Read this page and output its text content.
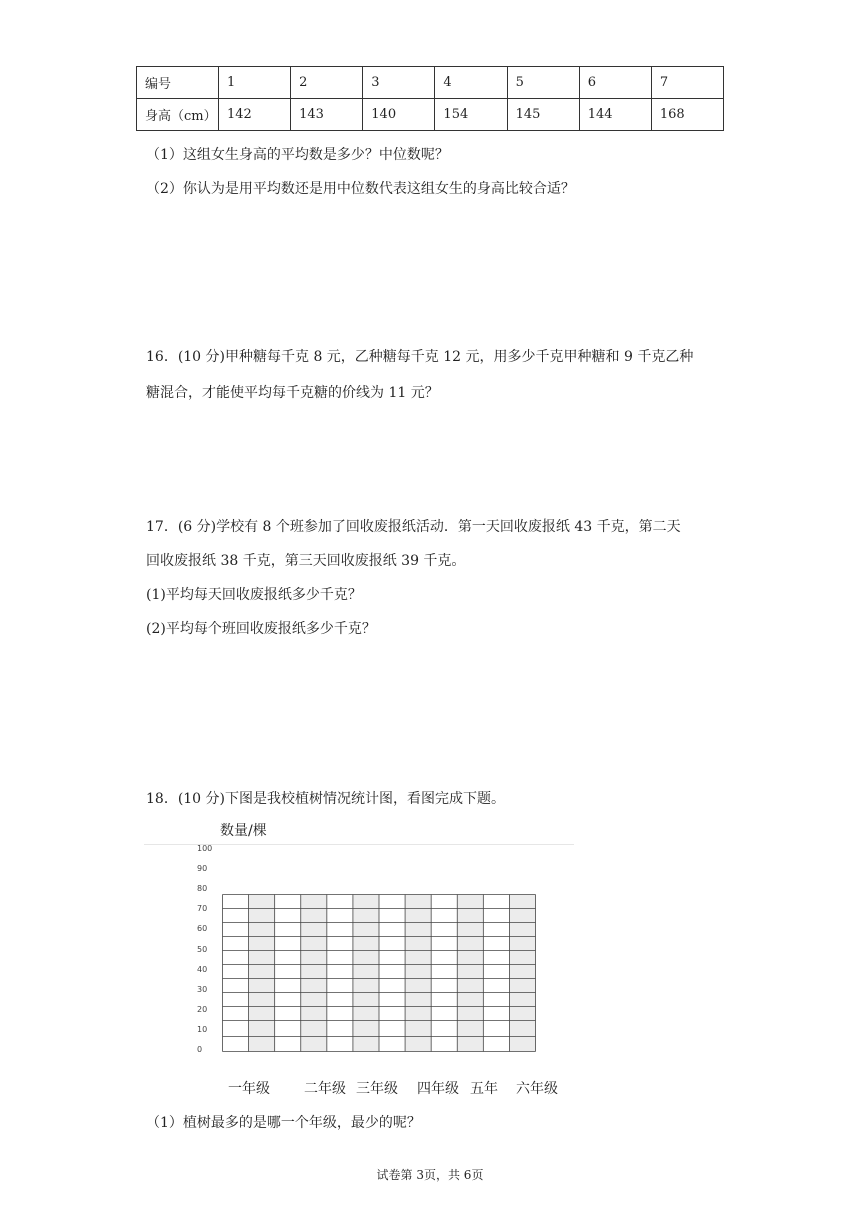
编号	1	2	3	4	5	6	7
身高（cm）	142	143	140	154	145	144	168
（1）这组女生身高的平均数是多少？中位数呢？
（2）你认为是用平均数还是用中位数代表这组女生的身高比较合适？
16．(10 分)甲种糖每千克 8 元，乙种糖每千克 12 元，用多少千克甲种糖和 9 千克乙种
糖混合，才能使平均每千克糖的价线为 11 元？
17．(6 分)学校有 8 个班参加了回收废报纸活动．第一天回收废报纸 43 千克，第二天
回收废报纸 38 千克，第三天回收废报纸 39 千克。
(1)平均每天回收废报纸多少千克？
(2)平均每个班回收废报纸多少千克？
18．(10 分)下图是我校植树情况统计图，看图完成下题。
数量/棵
100
90
80
70
60
50
40
30
20
10
0
一年级 二年级 三年级 四年级 五年 六年级
（1）植树最多的是哪一个年级，最少的呢？
试卷第 3页，共 6页
